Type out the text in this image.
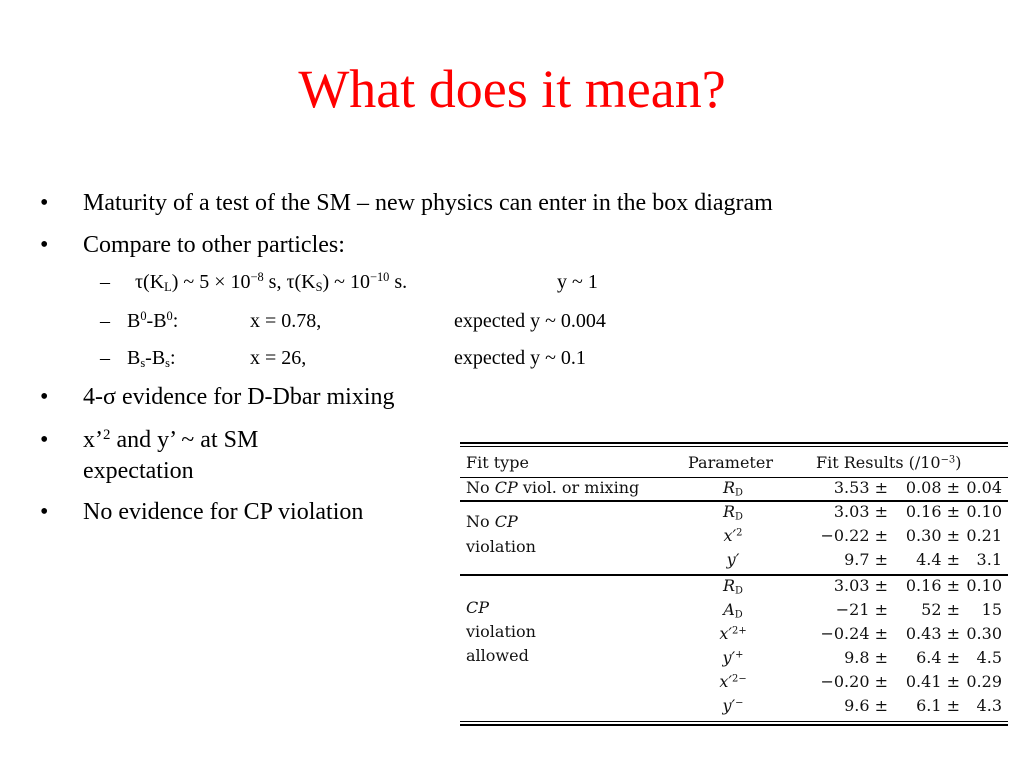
What does it mean?
•	Maturity of a test of the SM – new physics can enter in the box diagram
•	Compare to other particles:
– $\tau(K_L)$ ~ $5 \times 10^{-8}$ s, $\tau(K_S)$ ~ $10^{-10}$ s.	y ~ 1
– $B^0-B^0$:	x = 0.78,	expected y ~ 0.004
– $B_s-B_s$:	x = 26,	expected y ~ 0.1
•	4-σ evidence for D-Dbar mixing
•	x’$^2$ and y’ ~ at SM
expectation
•	No evidence for CP violation
Fit type	Parameter	Fit Results $(/10^{-3})$
No CP viol. or mixing	$R_D$	3.53 ±	0.08 ± 0.04
No CP
violation
$R_D$	3.03 ±	0.16 ± 0.10
$x'^2$	−0.22 ±	0.30 ± 0.21
y′	9.7 ±	4.4 ±	3.1
CP
violation
allowed
$R_D$	3.03 ±	0.16 ± 0.10
$A_D$	−21 ±	52 ±	15
$x'^{2+}$	−0.24 ±	0.43 ± 0.30
y′+	9.8 ±	6.4 ±	4.5
$x'^{2-}$	−0.20 ±	0.41 ± 0.29
y′−	9.6 ±	6.1 ±	4.3
